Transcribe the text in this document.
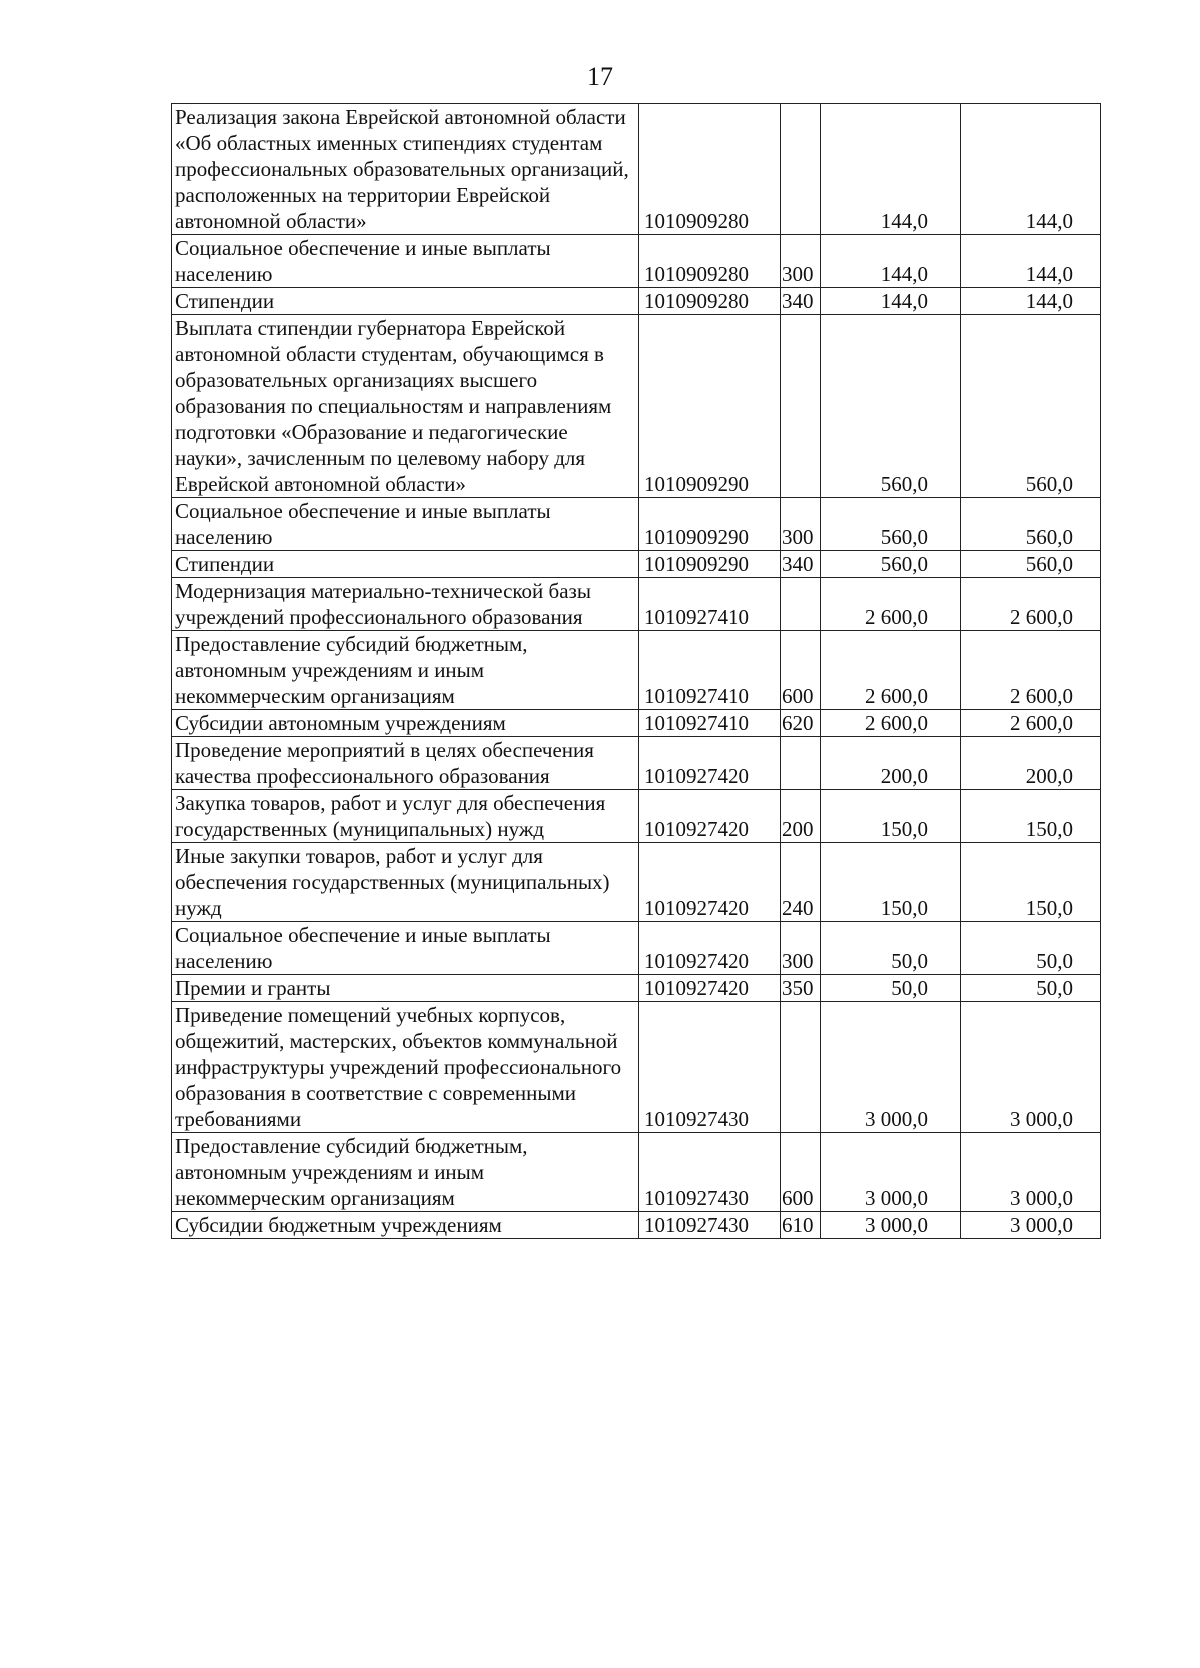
17
Реализация закона Еврейской автономной области «Об областных именных стипендиях студентам профессиональных образовательных организаций, расположенных на территории Еврейской автономной области»	1010909280		144,0	144,0
Социальное обеспечение и иные выплаты населению	1010909280	300	144,0	144,0
Стипендии	1010909280	340	144,0	144,0
Выплата стипендии губернатора Еврейской автономной области студентам, обучающимся в образовательных организациях высшего образования по специальностям и направлениям подготовки «Образование и педагогические науки», зачисленным по целевому набору для Еврейской автономной области»	1010909290		560,0	560,0
Социальное обеспечение и иные выплаты населению	1010909290	300	560,0	560,0
Стипендии	1010909290	340	560,0	560,0
Модернизация материально-технической базы учреждений профессионального образования	1010927410		2 600,0	2 600,0
Предоставление субсидий бюджетным, автономным учреждениям и иным некоммерческим организациям	1010927410	600	2 600,0	2 600,0
Субсидии автономным учреждениям	1010927410	620	2 600,0	2 600,0
Проведение мероприятий в целях обеспечения качества профессионального образования	1010927420		200,0	200,0
Закупка товаров, работ и услуг для обеспечения государственных (муниципальных) нужд	1010927420	200	150,0	150,0
Иные закупки товаров, работ и услуг для обеспечения государственных (муниципальных) нужд	1010927420	240	150,0	150,0
Социальное обеспечение и иные выплаты населению	1010927420	300	50,0	50,0
Премии и гранты	1010927420	350	50,0	50,0
Приведение помещений учебных корпусов, общежитий, мастерских, объектов коммунальной инфраструктуры учреждений профессионального образования в соответствие с современными требованиями	1010927430		3 000,0	3 000,0
Предоставление субсидий бюджетным, автономным учреждениям и иным некоммерческим организациям	1010927430	600	3 000,0	3 000,0
Субсидии бюджетным учреждениям	1010927430	610	3 000,0	3 000,0
